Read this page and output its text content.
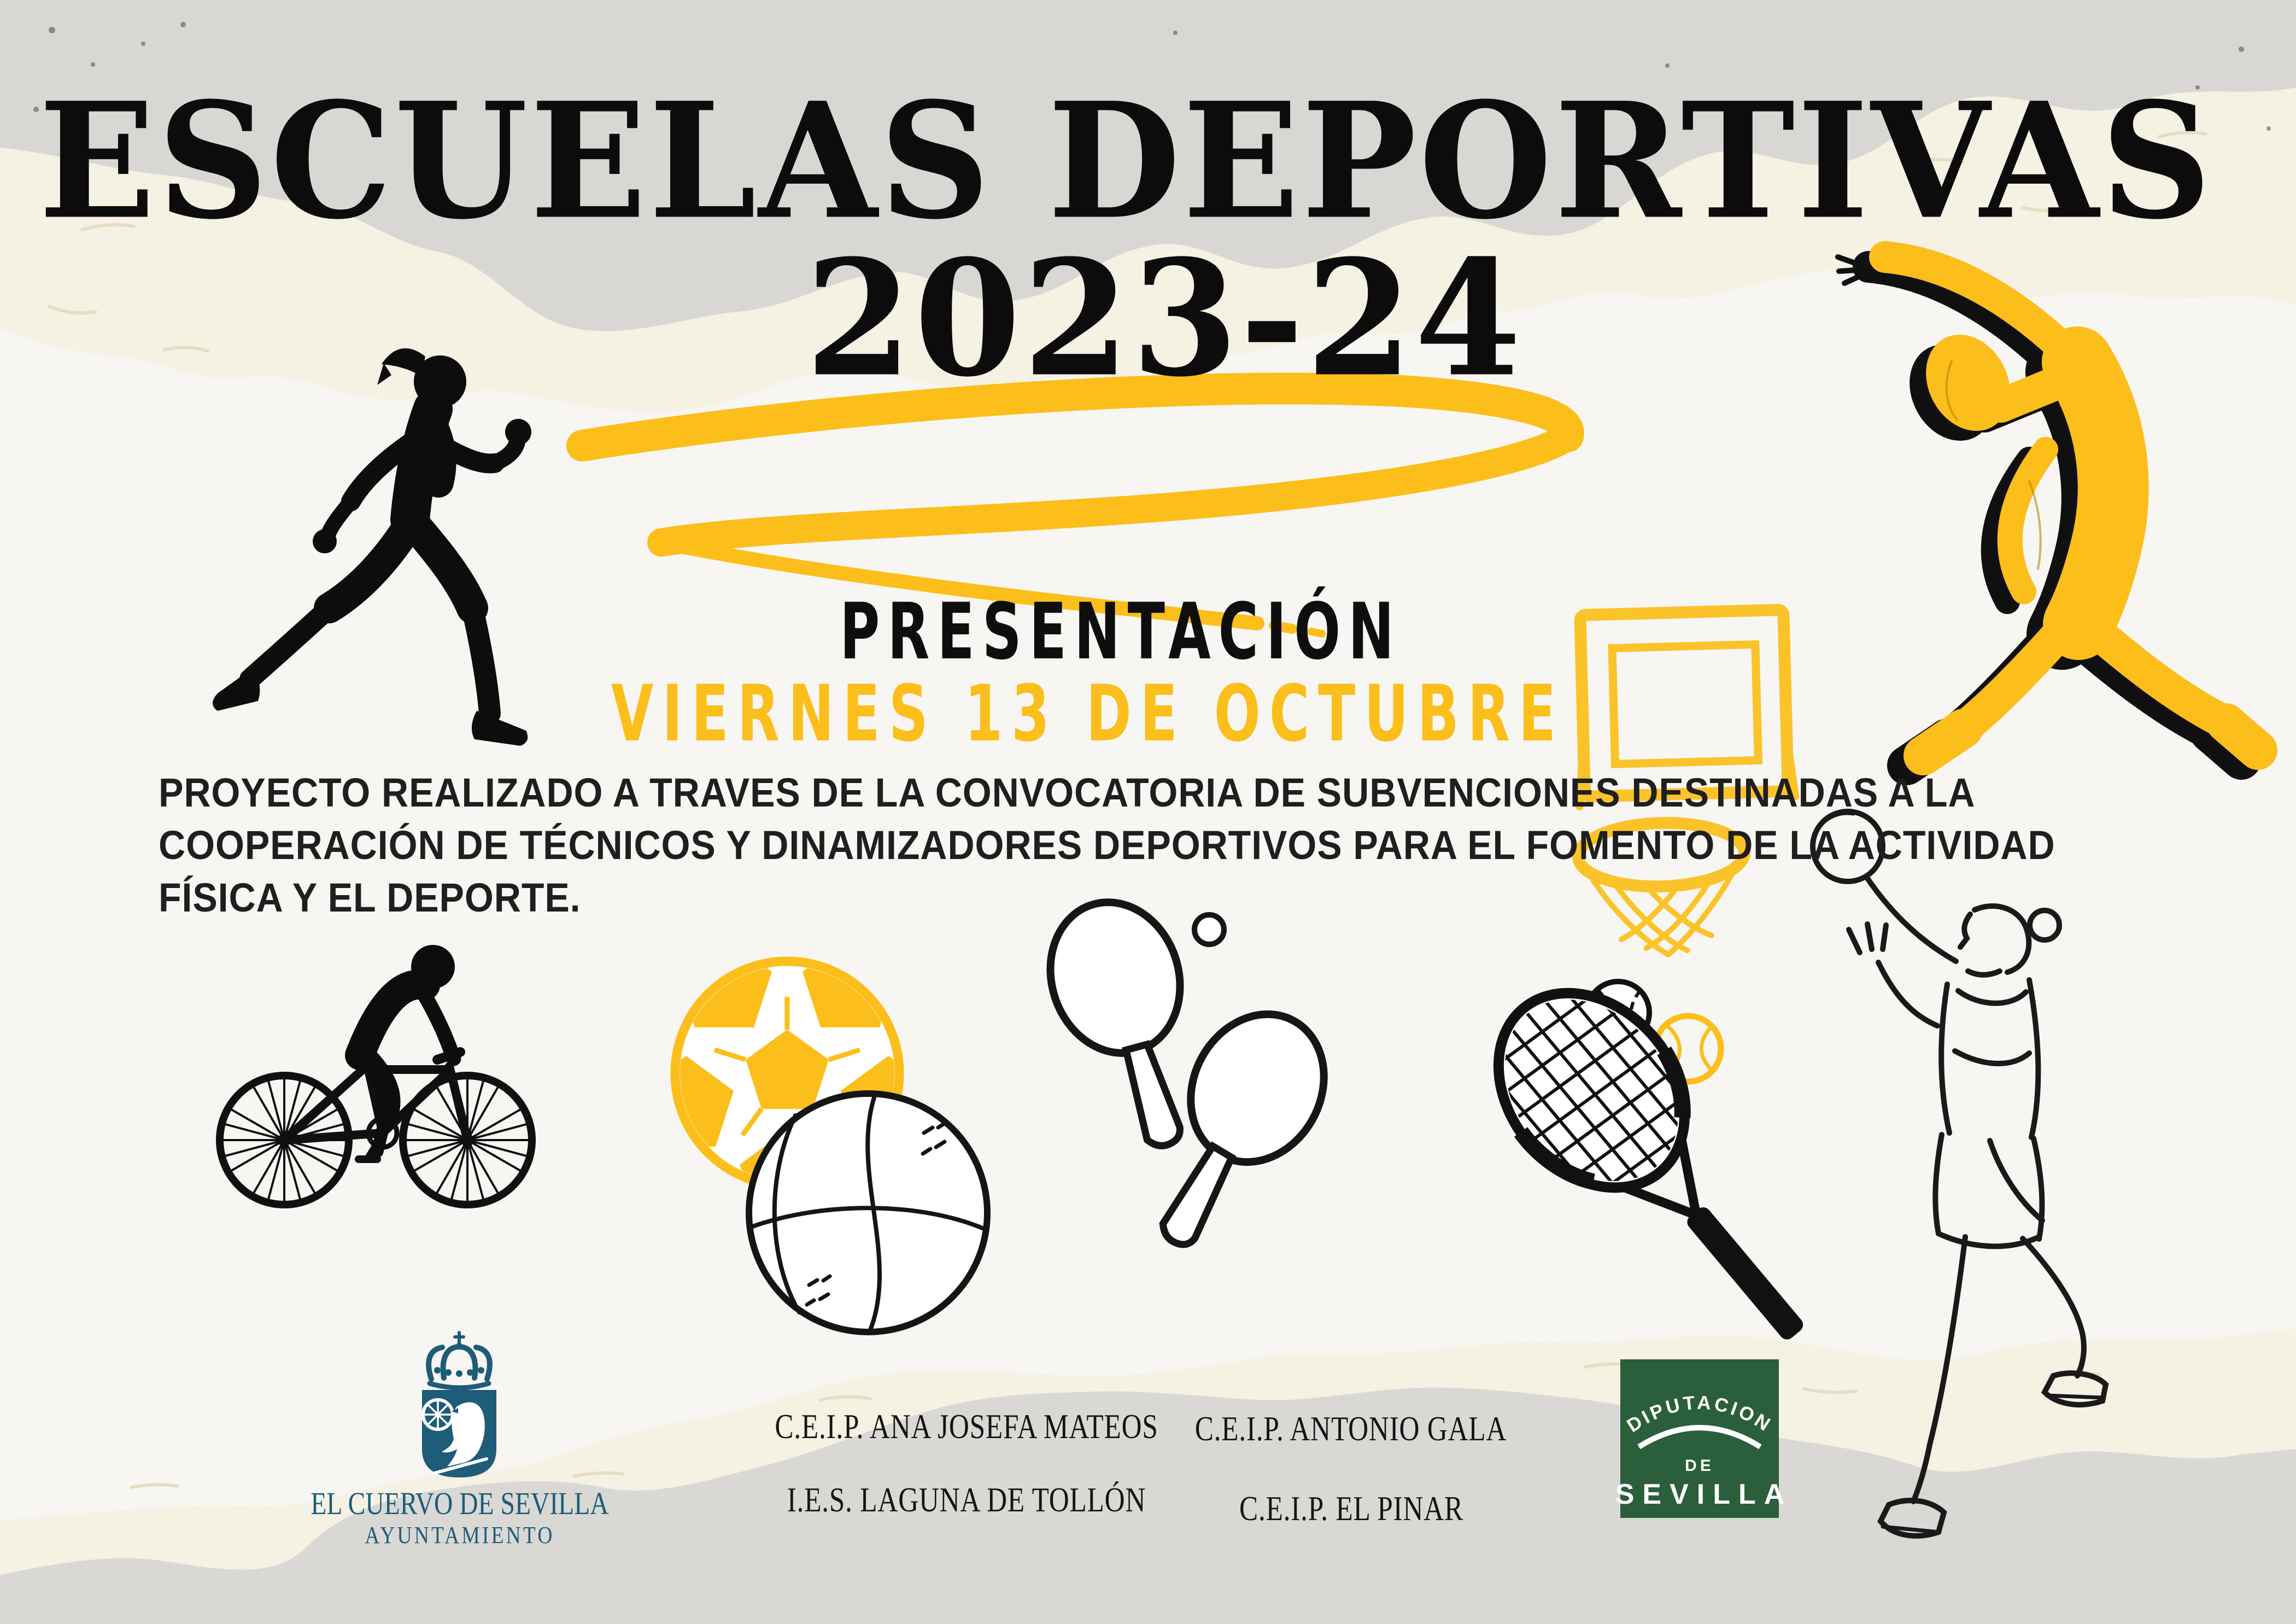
DIPUTACION
DE
SEVILLA
ESCUELAS DEPORTIVAS
2023-24
PRESENTACIÓN
VIERNES 13 DE OCTUBRE
PROYECTO REALIZADO A TRAVES DE LA CONVOCATORIA DE SUBVENCIONES DESTINADAS A LA
COOPERACIÓN DE TÉCNICOS Y DINAMIZADORES DEPORTIVOS PARA EL FOMENTO DE LA ACTIVIDAD
FÍSICA Y EL DEPORTE.
C.E.I.P. ANA JOSEFA MATEOS C.E.I.P. ANTONIO GALA
I.E.S. LAGUNA DE TOLLÓN	C.E.I.P. EL PINAR
EL CUERVO DE SEVILLA
AYUNTAMIENTO
